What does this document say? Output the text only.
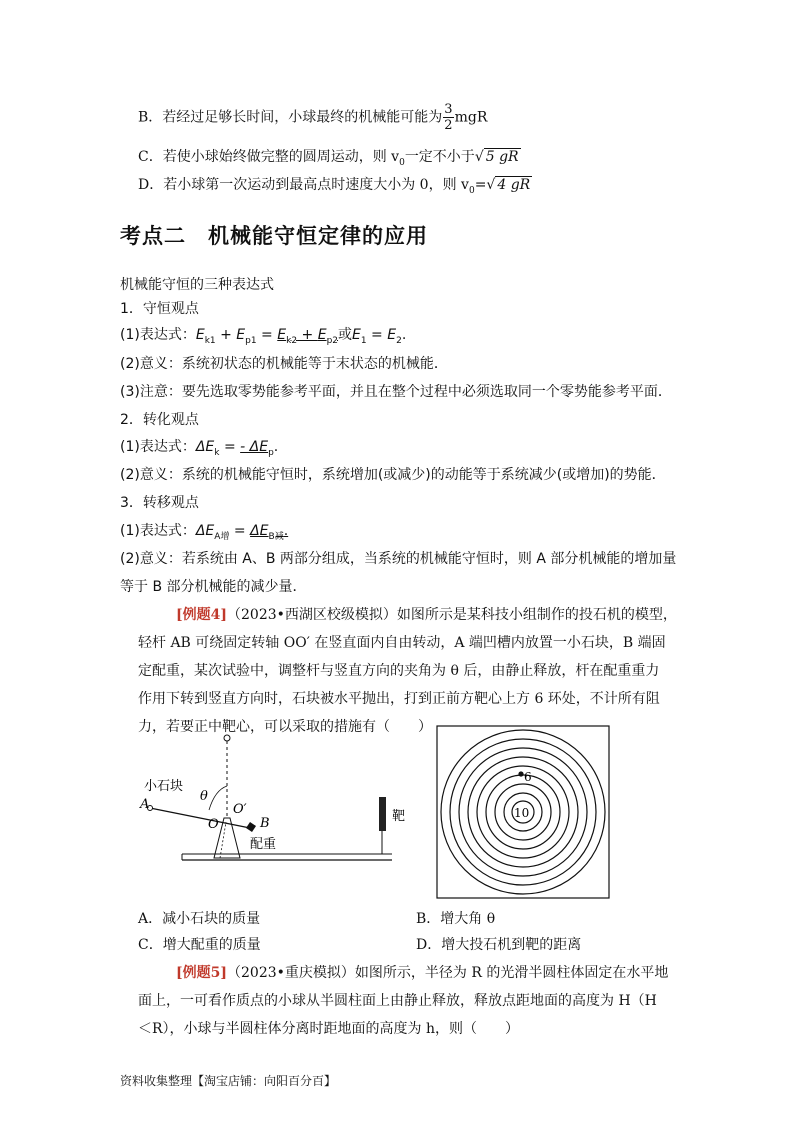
B．若经过足够长时间，小球最终的机械能可能为 $\frac{3}{2}$ mgR
C．若使小球始终做完整的圆周运动，则 $v_0$一定不小于√ 5 gR
D．若小球第一次运动到最高点时速度大小为 0，则 $v_0=√$ 4 gR
考点二　机械能守恒定律的应用
机械能守恒的三种表达式
1．守恒观点
(1)表达式：$E_{k1} + E_{p1} = E_{k2} + E_{p2}$或$E_1 = E_2$.
(2)意义：系统初状态的机械能等于末状态的机械能．
(3)注意：要先选取零势能参考平面，并且在整个过程中必须选取同一个零势能参考平面．
2．转化观点
(1)表达式：$\Delta E_k$ = - $\Delta E_p$.
(2)意义：系统的机械能守恒时，系统增加(或减少)的动能等于系统减少(或增加)的势能．
3．转移观点
(1)表达式：$\Delta E_{A增} = \Delta E_{B减}$.
(2)意义：若系统由 A、B 两部分组成，当系统的机械能守恒时，则 A 部分机械能的增加量
等于 B 部分机械能的减少量．
[例题4]（2023•西湖区校级模拟）如图所示是某科技小组制作的投石机的模型，
轻杆 AB 可绕固定转轴 OO′ 在竖直面内自由转动，A 端凹槽内放置一小石块，B 端固
定配重，某次试验中，调整杆与竖直方向的夹角为 θ 后，由静止释放，杆在配重重力
作用下转到竖直方向时，石块被水平抛出，打到正前方靶心上方 6 环处，不计所有阻
力，若要正中靶心，可以采取的措施有（　　）
小石块
A
θ
O′
O	B
配重
靶
6
10
A．减小石块的质量	B．增大角 θ
C．增大配重的质量	D．增大投石机到靶的距离
[例题5]（2023•重庆模拟）如图所示，半径为 R 的光滑半圆柱体固定在水平地
面上，一可看作质点的小球从半圆柱面上由静止释放，释放点距地面的高度为 H（H
＜R），小球与半圆柱体分离时距地面的高度为 h，则（　　）
资料收集整理【淘宝店铺：向阳百分百】
